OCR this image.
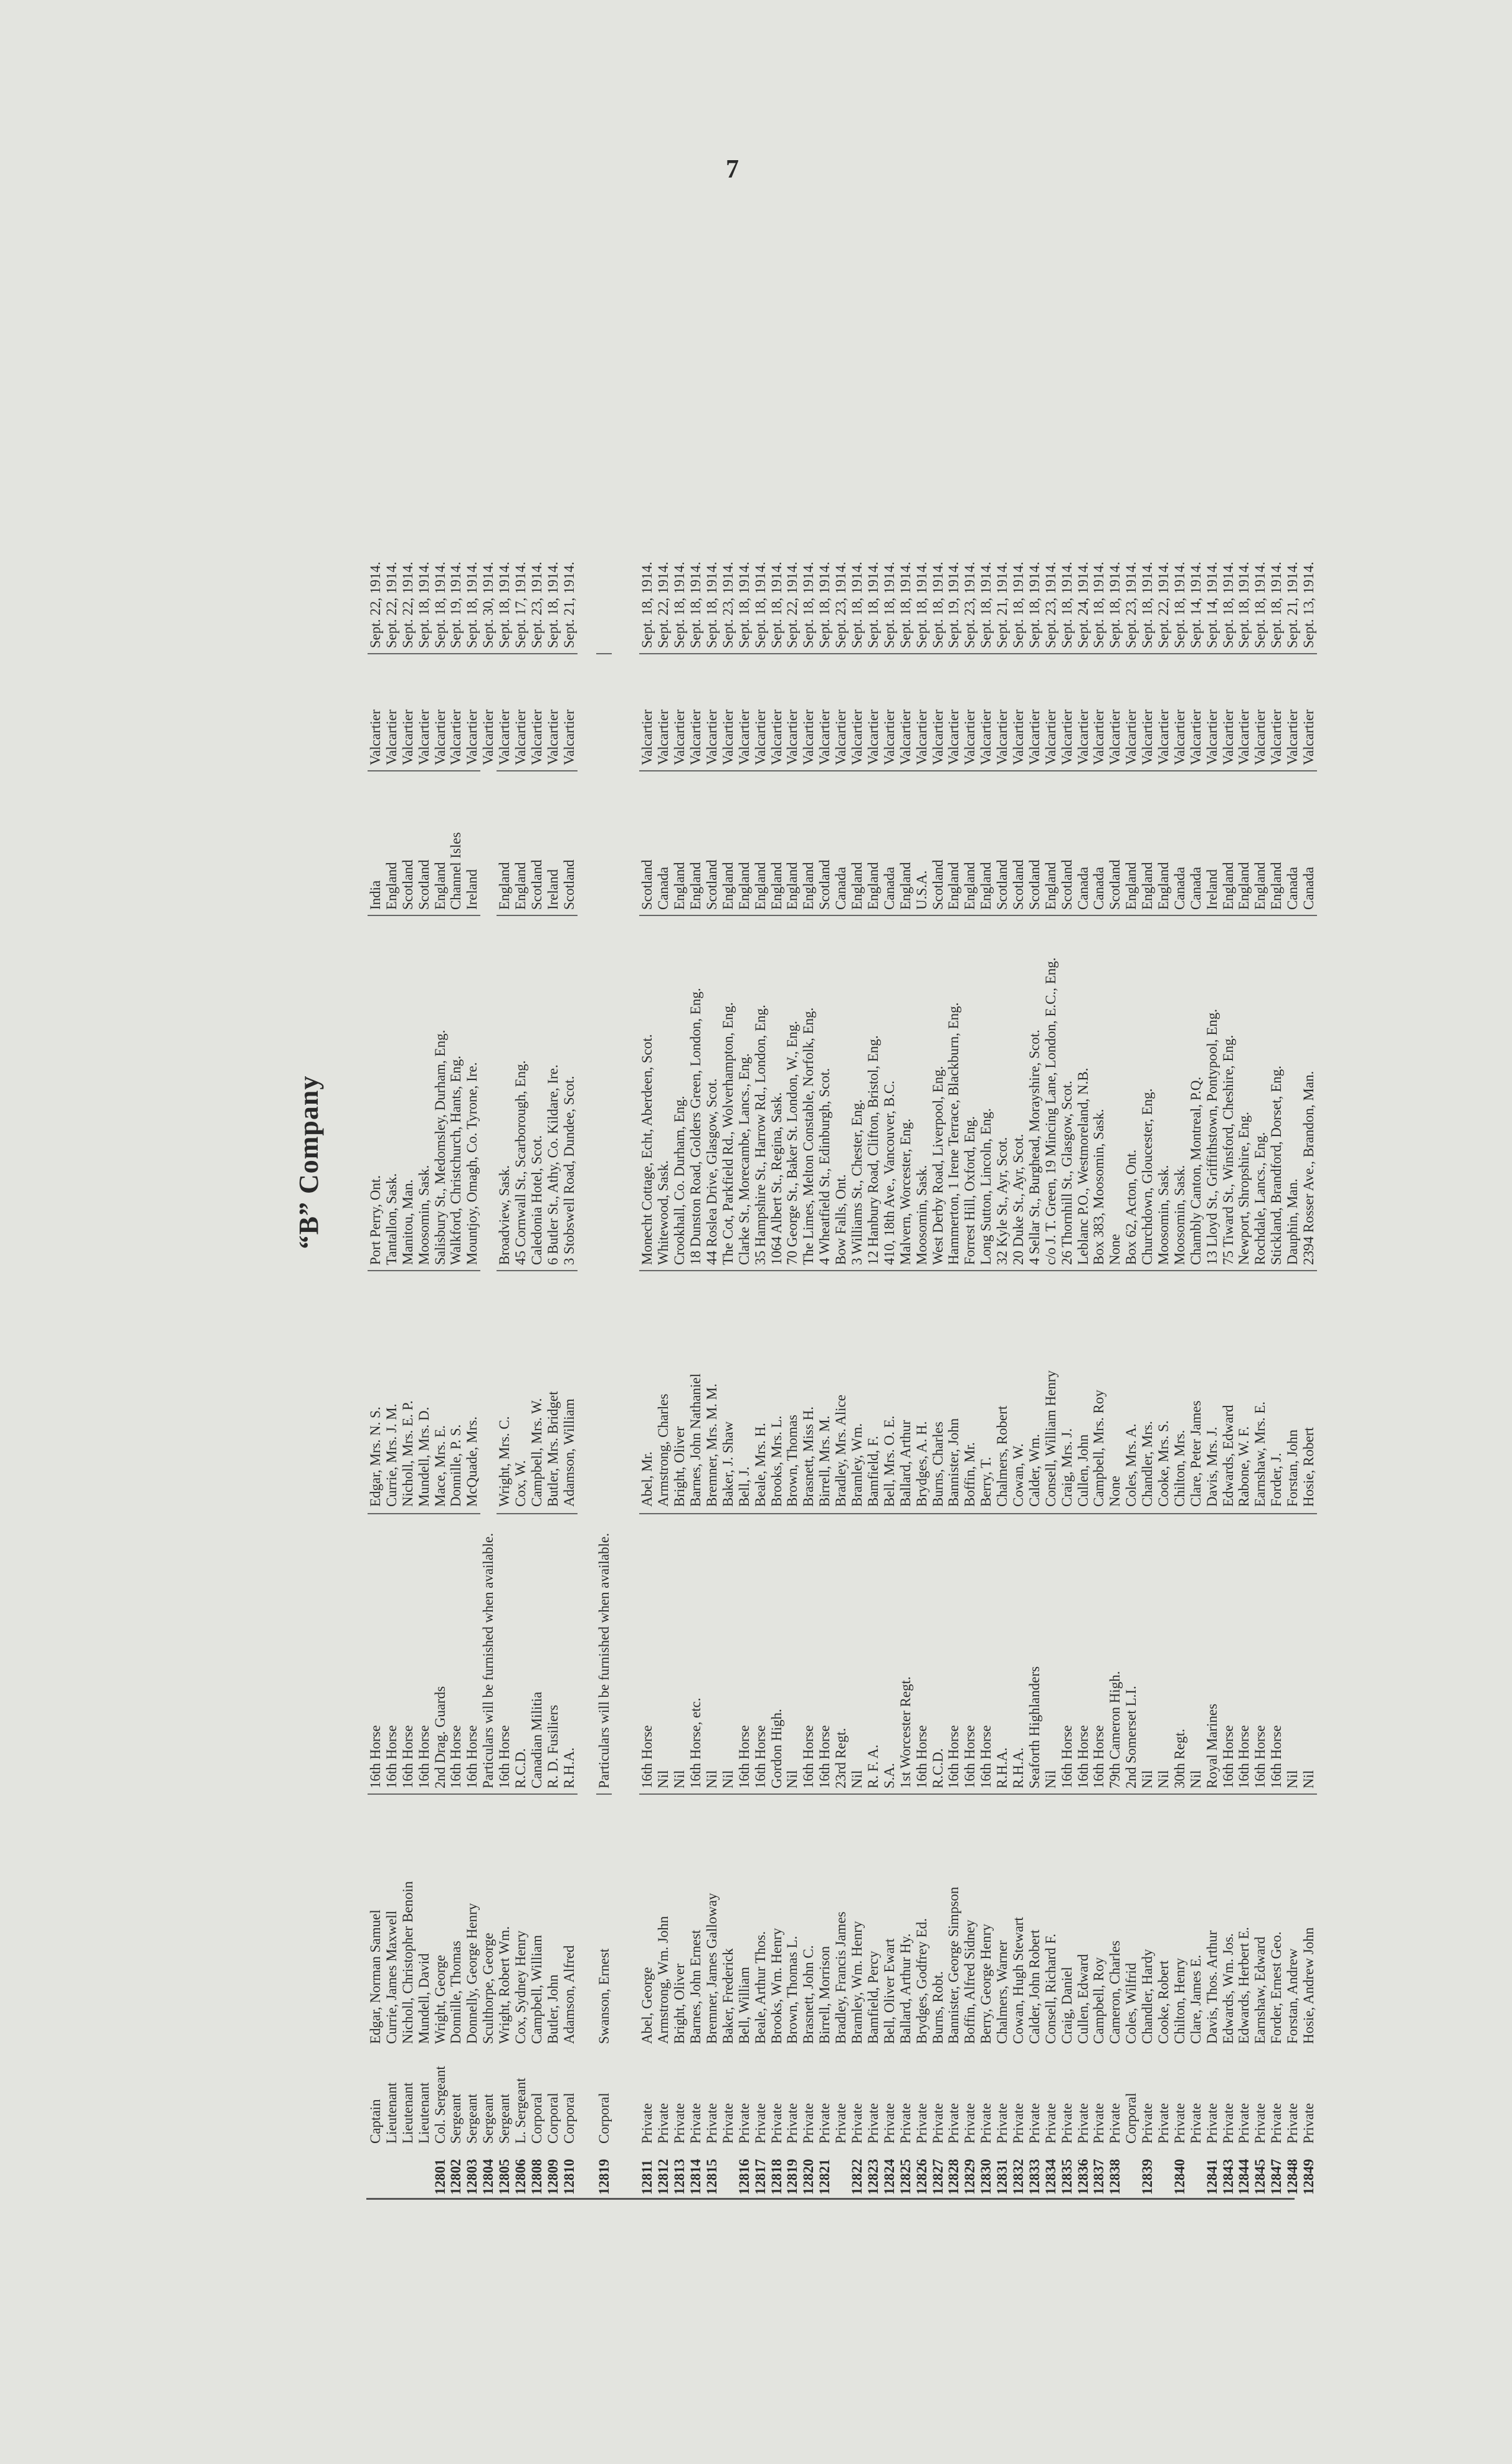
7
“B” Company
Captain
Edgar, Norman Samuel
16th Horse
Edgar, Mrs. N. S.
Port Perry, Ont.
India
Valcartier
Sept. 22, 1914.
Lieutenant
Currie, James Maxwell
16th Horse
Currie, Mrs. J. M.
Tantallon, Sask.
England
Valcartier
Sept. 22, 1914.
Lieutenant
Nicholl, Christopher Benoin
16th Horse
Nicholl, Mrs. E. P.
Manitou, Man.
Scotland
Valcartier
Sept. 22, 1914.
Lieutenant
Mundell, David
16th Horse
Mundell, Mrs. D.
Moosomin, Sask.
Scotland
Valcartier
Sept. 18, 1914.
12801
Col. Sergeant
Wright, George
2nd Drag. Guards
Mace, Mrs. E.
Salisbury St., Medomsley, Durham, Eng.
England
Valcartier
Sept. 18, 1914.
12802
Sergeant
Donnille, Thomas
16th Horse
Donnille, P. S.
Walkford, Christchurch, Hants, Eng.
Channel Isles
Valcartier
Sept. 19, 1914.
12803
Sergeant
Donnelly, George Henry
16th Horse
McQuade, Mrs.
Mountjoy, Omagh, Co. Tyrone, Ire.
Ireland
Valcartier
Sept. 18, 1914.
12804
Sergeant
Sculthorpe, George
Valcartier
Sept. 30, 1914.
Particulars will be furnished when available.
12805
Sergeant
Wright, Robert Wm.
16th Horse
Wright, Mrs. C.
Broadview, Sask.
England
Valcartier
Sept. 18, 1914.
12806
L. Sergeant
Cox, Sydney Henry
R.C.D.
Cox, W.
45 Cornwall St., Scarborough, Eng.
England
Valcartier
Sept. 17, 1914.
12808
Corporal
Campbell, William
Canadian Militia
Campbell, Mrs. W.
Caledonia Hotel, Scot.
Scotland
Valcartier
Sept. 23, 1914.
12809
Corporal
Butler, John
R. D. Fusiliers
Butler, Mrs. Bridget
6 Butler St., Athy, Co. Kildare, Ire.
Ireland
Valcartier
Sept. 18, 1914.
12810
Corporal
Adamson, Alfred
R.H.A.
Adamson, William
3 Stobswell Road, Dundee, Scot.
Scotland
Valcartier
Sept. 21, 1914.
12819
Corporal
Swanson, Ernest
Particulars will be furnished when available.
12811
Private
Abel, George
16th Horse
Abel, Mr.
Monecht Cottage, Echt, Aberdeen, Scot.
Scotland
Valcartier
Sept. 18, 1914.
12812
Private
Armstrong, Wm. John
Nil
Armstrong, Charles
Whitewood, Sask.
Canada
Valcartier
Sept. 22, 1914.
12813
Private
Bright, Oliver
Nil
Bright, Oliver
Crookhall, Co. Durham, Eng.
England
Valcartier
Sept. 18, 1914.
12814
Private
Barnes, John Ernest
16th Horse, etc.
Barnes, John Nathaniel
18 Dunston Road, Golders Green, London, Eng.
England
Valcartier
Sept. 18, 1914.
12815
Private
Bremner, James Galloway
Nil
Bremner, Mrs. M. M.
44 Roslea Drive, Glasgow, Scot.
Scotland
Valcartier
Sept. 18, 1914.
Private
Baker, Frederick
Nil
Baker, J. Shaw
The Cot, Parkfield Rd., Wolverhampton, Eng.
England
Valcartier
Sept. 23, 1914.
12816
Private
Bell, William
16th Horse
Bell, J.
Clarke St., Morecambe, Lancs., Eng.
England
Valcartier
Sept. 18, 1914.
12817
Private
Beale, Arthur Thos.
16th Horse
Beale, Mrs. H.
35 Hampshire St., Harrow Rd., London, Eng.
England
Valcartier
Sept. 18, 1914.
12818
Private
Brooks, Wm. Henry
Gordon High.
Brooks, Mrs. L.
1064 Albert St., Regina, Sask.
England
Valcartier
Sept. 18, 1914.
12819
Private
Brown, Thomas L.
Nil
Brown, Thomas
70 George St., Baker St. London, W., Eng.
England
Valcartier
Sept. 22, 1914.
12820
Private
Brasnett, John C.
16th Horse
Brasnett, Miss H.
The Limes, Melton Constable, Norfolk, Eng.
England
Valcartier
Sept. 18, 1914.
12821
Private
Birrell, Morrison
16th Horse
Birrell, Mrs. M.
4 Wheatfield St., Edinburgh, Scot.
Scotland
Valcartier
Sept. 18, 1914.
Private
Bradley, Francis James
23rd Regt.
Bradley, Mrs. Alice
Bow Falls, Ont.
Canada
Valcartier
Sept. 23, 1914.
12822
Private
Bramley, Wm. Henry
Nil
Bramley, Wm.
3 Williams St., Chester, Eng.
England
Valcartier
Sept. 18, 1914.
12823
Private
Bamfield, Percy
R. F. A.
Bamfield, F.
12 Hanbury Road, Clifton, Bristol, Eng.
England
Valcartier
Sept. 18, 1914.
12824
Private
Bell, Oliver Ewart
S.A.
Bell, Mrs. O. E.
410, 18th Ave., Vancouver, B.C.
Canada
Valcartier
Sept. 18, 1914.
12825
Private
Ballard, Arthur Hy.
1st Worcester Regt.
Ballard, Arthur
Malvern, Worcester, Eng.
England
Valcartier
Sept. 18, 1914.
12826
Private
Brydges, Godfrey Ed.
16th Horse
Brydges, A. H.
Moosomin, Sask.
U.S.A.
Valcartier
Sept. 18, 1914.
12827
Private
Burns, Robt.
R.C.D.
Burns, Charles
West Derby Road, Liverpool, Eng.
Scotland
Valcartier
Sept. 18, 1914.
12828
Private
Bannister, George Simpson
16th Horse
Bannister, John
Hammerton, 1 Irene Terrace, Blackburn, Eng.
England
Valcartier
Sept. 19, 1914.
12829
Private
Boffin, Alfred Sidney
16th Horse
Boffin, Mr.
Forrest Hill, Oxford, Eng.
England
Valcartier
Sept. 23, 1914.
12830
Private
Berry, George Henry
16th Horse
Berry, T.
Long Sutton, Lincoln, Eng.
England
Valcartier
Sept. 18, 1914.
12831
Private
Chalmers, Warner
R.H.A.
Chalmers, Robert
32 Kyle St., Ayr, Scot.
Scotland
Valcartier
Sept. 21, 1914.
12832
Private
Cowan, Hugh Stewart
R.H.A.
Cowan, W.
20 Duke St., Ayr, Scot.
Scotland
Valcartier
Sept. 18, 1914.
12833
Private
Calder, John Robert
Seaforth Highlanders
Calder, Wm.
4 Sellar St., Burghead, Morayshire, Scot.
Scotland
Valcartier
Sept. 18, 1914.
12834
Private
Consell, Richard F.
Nil
Consell, William Henry
c/o J. T. Green, 19 Mincing Lane, London, E.C., Eng.
England
Valcartier
Sept. 23, 1914.
12835
Private
Craig, Daniel
16th Horse
Craig, Mrs. J.
26 Thornhill St., Glasgow, Scot.
Scotland
Valcartier
Sept. 18, 1914.
12836
Private
Cullen, Edward
16th Horse
Cullen, John
Leblanc P.O., Westmoreland, N.B.
Canada
Valcartier
Sept. 24, 1914.
12837
Private
Campbell, Roy
16th Horse
Campbell, Mrs. Roy
Box 383, Moosomin, Sask.
Canada
Valcartier
Sept. 18, 1914.
12838
Private
Cameron, Charles
79th Cameron High.
None
None
Scotland
Valcartier
Sept. 18, 1914.
Corporal
Coles, Wilfrid
2nd Somerset L.I.
Coles, Mrs. A.
Box 62, Acton, Ont.
England
Valcartier
Sept. 23, 1914.
12839
Private
Chandler, Hardy
Nil
Chandler, Mrs.
Churchdown, Gloucester, Eng.
England
Valcartier
Sept. 18, 1914.
Private
Cooke, Robert
Nil
Cooke, Mrs. S.
Moosomin, Sask.
England
Valcartier
Sept. 22, 1914.
12840
Private
Chilton, Henry
30th Regt.
Chilton, Mrs.
Moosomin, Sask.
Canada
Valcartier
Sept. 18, 1914.
Private
Clare, James E.
Nil
Clare, Peter James
Chambly Canton, Montreal, P.Q.
Canada
Valcartier
Sept. 14, 1914.
12841
Private
Davis, Thos. Arthur
Royal Marines
Davis, Mrs. J.
13 Lloyd St., Griffithstown, Pontypool, Eng.
Ireland
Valcartier
Sept. 14, 1914.
12843
Private
Edwards, Wm. Jos.
16th Horse
Edwards, Edward
75 Tiward St., Winsford, Cheshire, Eng.
England
Valcartier
Sept. 18, 1914.
12844
Private
Edwards, Herbert E.
16th Horse
Rabone, W. F.
Newport, Shropshire, Eng.
England
Valcartier
Sept. 18, 1914.
12845
Private
Earnshaw, Edward
16th Horse
Earnshaw, Mrs. E.
Rochdale, Lancs., Eng.
England
Valcartier
Sept. 18, 1914.
12847
Private
Forder, Ernest Geo.
16th Horse
Forder, J.
Stickland, Brandford, Dorset, Eng.
England
Valcartier
Sept. 18, 1914.
12848
Private
Forstan, Andrew
Nil
Forstan, John
Dauphin, Man.
Canada
Valcartier
Sept. 21, 1914.
12849
Private
Hosie, Andrew John
Nil
Hosie, Robert
2394 Rosser Ave., Brandon, Man.
Canada
Valcartier
Sept. 13, 1914.
